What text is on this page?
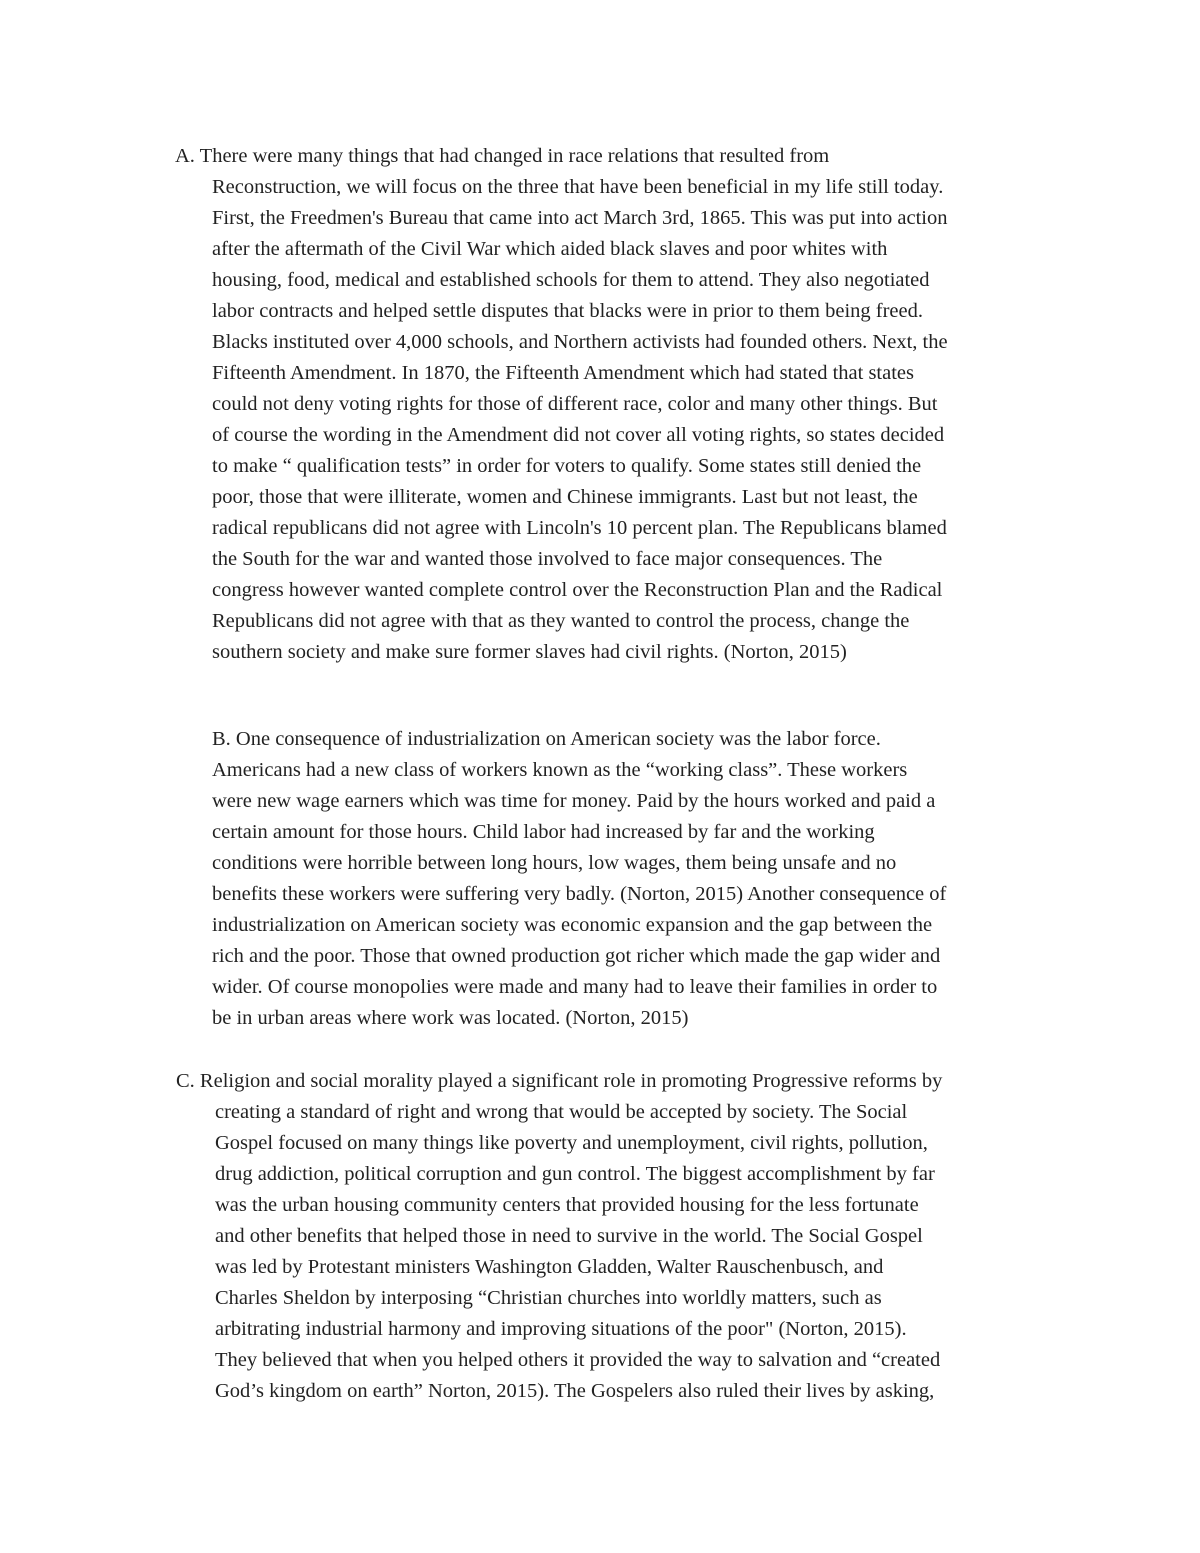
A. There were many things that had changed in race relations that resulted from
Reconstruction, we will focus on the three that have been beneficial in my life still today.
First, the Freedmen's Bureau that came into act March 3rd, 1865. This was put into action
after the aftermath of the Civil War which aided black slaves and poor whites with
housing, food, medical and established schools for them to attend. They also negotiated
labor contracts and helped settle disputes that blacks were in prior to them being freed.
Blacks instituted over 4,000 schools, and Northern activists had founded others. Next, the
Fifteenth Amendment. In 1870, the Fifteenth Amendment which had stated that states
could not deny voting rights for those of different race, color and many other things. But
of course the wording in the Amendment did not cover all voting rights, so states decided
to make “ qualification tests” in order for voters to qualify. Some states still denied the
poor, those that were illiterate, women and Chinese immigrants. Last but not least, the
radical republicans did not agree with Lincoln's 10 percent plan. The Republicans blamed
the South for the war and wanted those involved to face major consequences. The
congress however wanted complete control over the Reconstruction Plan and the Radical
Republicans did not agree with that as they wanted to control the process, change the
southern society and make sure former slaves had civil rights. (Norton, 2015)
B. One consequence of industrialization on American society was the labor force.
Americans had a new class of workers known as the “working class”. These workers
were new wage earners which was time for money. Paid by the hours worked and paid a
certain amount for those hours. Child labor had increased by far and the working
conditions were horrible between long hours, low wages, them being unsafe and no
benefits these workers were suffering very badly. (Norton, 2015) Another consequence of
industrialization on American society was economic expansion and the gap between the
rich and the poor. Those that owned production got richer which made the gap wider and
wider. Of course monopolies were made and many had to leave their families in order to
be in urban areas where work was located. (Norton, 2015)
C. Religion and social morality played a significant role in promoting Progressive reforms by
creating a standard of right and wrong that would be accepted by society. The Social
Gospel focused on many things like poverty and unemployment, civil rights, pollution,
drug addiction, political corruption and gun control. The biggest accomplishment by far
was the urban housing community centers that provided housing for the less fortunate
and other benefits that helped those in need to survive in the world. The Social Gospel
was led by Protestant ministers Washington Gladden, Walter Rauschenbusch, and
Charles Sheldon by interposing “Christian churches into worldly matters, such as
arbitrating industrial harmony and improving situations of the poor" (Norton, 2015).
They believed that when you helped others it provided the way to salvation and “created
God’s kingdom on earth” Norton, 2015). The Gospelers also ruled their lives by asking,
